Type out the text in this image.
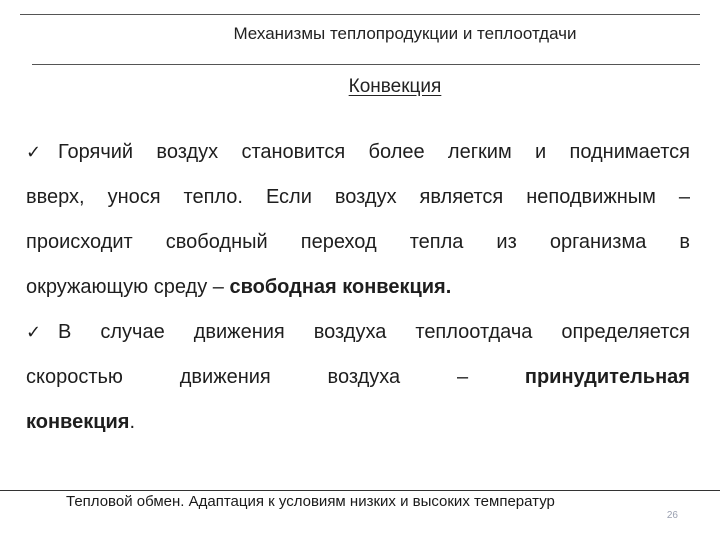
Механизмы теплопродукции и теплоотдачи
Конвекция
✓ Горячий воздух становится более легким и поднимается
вверх, унося тепло. Если воздух является неподвижным –
происходит свободный переход тепла из организма в
окружающую среду – свободная конвекция.
✓ В случае движения воздуха теплоотдача определяется
скоростью	движения	воздуха	–	принудительная
конвекция.
Тепловой обмен. Адаптация к условиям низких и высоких температур
26
